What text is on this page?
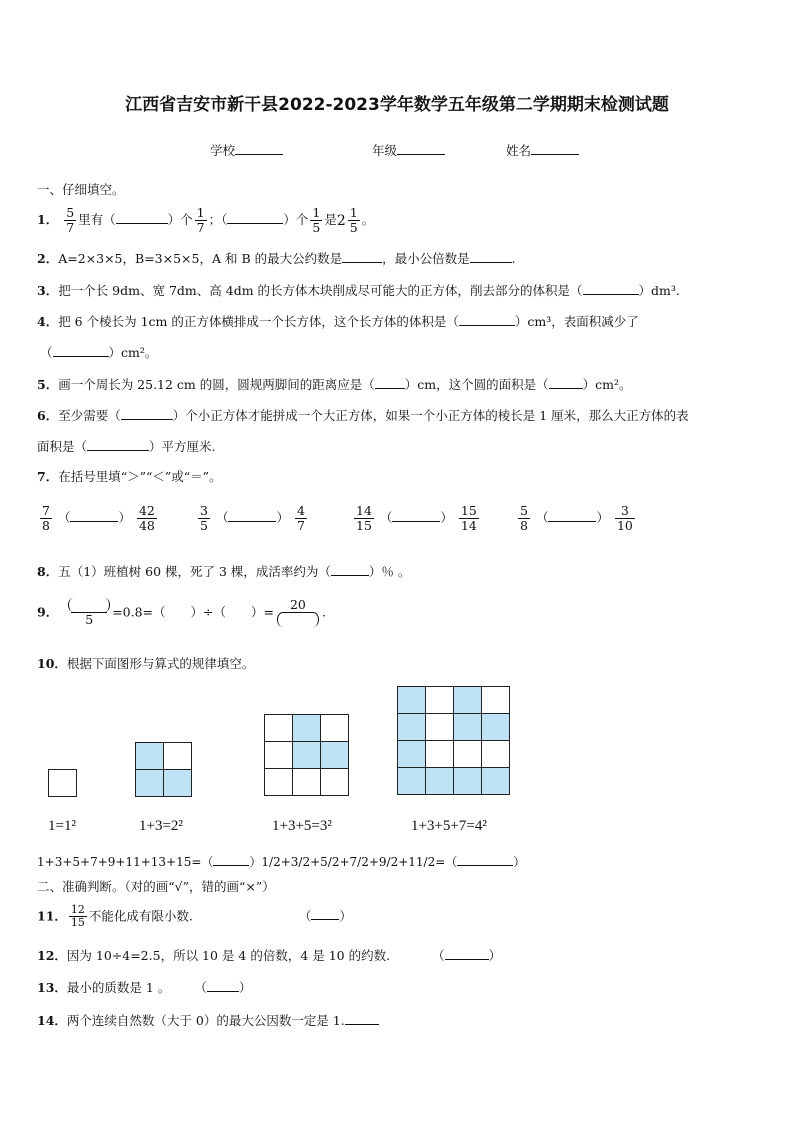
江西省吉安市新干县2022-2023学年数学五年级第二学期期末检测试题
学校	年级	姓名
一、仔细填空。
1． $\frac{5}{7}$ 里有（	）个 $\frac{1}{7}$ ；（	）个 $\frac{1}{5}$ 是 $2 \frac{1}{5}$ 。
2．A=2×3×5，B=3×5×5，A 和 B 的最大公约数是	，最小公倍数是	.
3．把一个长 9dm、宽 7dm、高 4dm 的长方体木块削成尽可能大的正方体，削去部分的体积是（	）dm³.
4．把 6 个棱长为 1cm 的正方体横排成一个长方体，这个长方体的体积是（	）cm³，表面积减少了
（	）cm²。
5．画一个周长为 25.12 cm 的圆，圆规两脚间的距离应是（ ）cm，这个圆的面积是（	）cm²。
6．至少需要（	）个小正方体才能拼成一个大正方体，如果一个小正方体的棱长是 1 厘米，那么大正方体的表
面积是（	）平方厘米.
7．在括号里填“＞”“＜”或“＝”。
$\frac{7}{8}$ （	） $\frac{42}{48}$	$\frac{3}{5}$ （	） $\frac{4}{7}$	$\frac{14}{15}$ （	） $\frac{15}{14}$	$\frac{5}{8}$ （	） $\frac{3}{10}$
8．五（1）班植树 60 棵，死了 3 棵，成活率约为（	）％ 。
9．	5	=0.8=（　　）÷（　　）=	20	.
10．根据下面图形与算式的规律填空。

1=1²	1+3=2²	1+3+5=3²	1+3+5+7=4²
1+3+5+7+9+11+13+15=（	）1/2+3/2+5/2+7/2+9/2+11/2=（	）
二、准确判断。（对的画“√”，错的画“×”）
11． $\frac{12}{15}$ 不能化成有限小数.	（ ）
12．因为 10÷4=2.5，所以 10 是 4 的倍数，4 是 10 的约数.	（	）
13．最小的质数是 1 。 （	）
14．两个连续自然数（大于 0）的最大公因数一定是 1.
